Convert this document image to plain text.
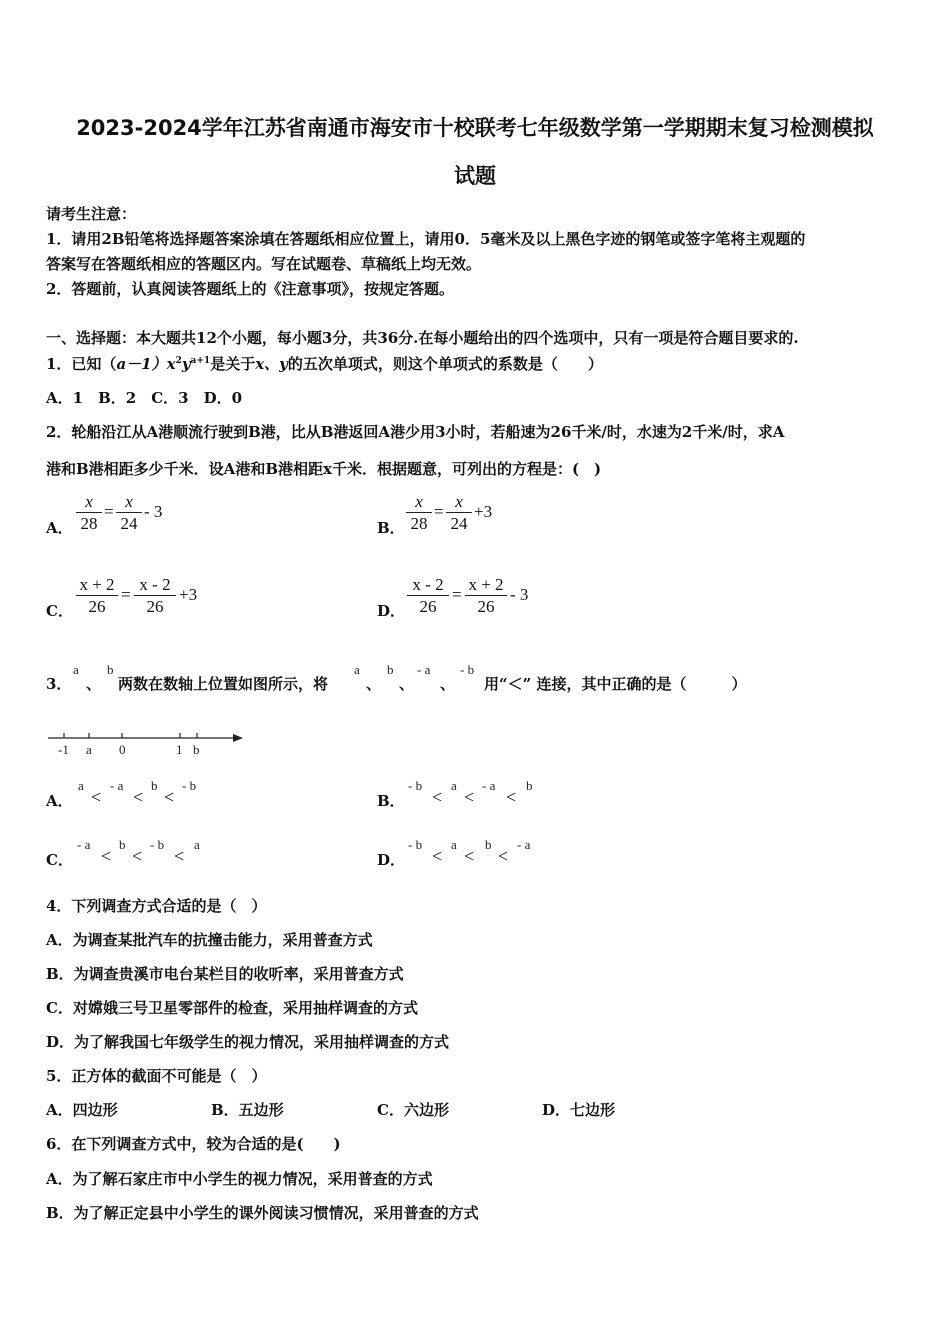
2023-2024学年江苏省南通市海安市十校联考七年级数学第一学期期末复习检测模拟
试题
请考生注意：
1．请用2B铅笔将选择题答案涂填在答题纸相应位置上，请用0．5毫米及以上黑色字迹的钢笔或签字笔将主观题的
答案写在答题纸相应的答题区内。写在试题卷、草稿纸上均无效。
2．答题前，认真阅读答题纸上的《注意事项》，按规定答题。
一、选择题：本大题共12个小题，每小题3分，共36分.在每小题给出的四个选项中，只有一项是符合题目要求的.
1．已知$(a-1)x^2y^{a+1}$是关于x、y的五次单项式，则这个单项式的系数是（　　）
A．1　B．2　C．3　D．0
2．轮船沿江从A港顺流行驶到B港，比从B港返回A港少用3小时，若船速为26千米/时，水速为2千米/时，求A
港和B港相距多少千米．设A港和B港相距x千米．根据题意，可列出的方程是：(　)
A．
x
28
=
x
24
- 3
B．
x
28
=
x
24
+3
C．
x + 2
26
=
x - 2
26
+3
D．
x - 2
26
=
x + 2
26
- 3
3．
a
、
b
两数在数轴上位置如图所示，将
a
、
b
、
- a
、
- b
用“＜” 连接，其中正确的是（　　　）
-1 a 0	1 b
A．
a
<
- a
<
b
<
- b
B．
- b
<
a
<
- a
<
b
C．
- a
<
b
<
- b
<
a
D．
- b
<
a
<
b
<
- a
4．下列调查方式合适的是（　）
A．为调查某批汽车的抗撞击能力，采用普查方式
B．为调查贵溪市电台某栏目的收听率，采用普查方式
C．对嫦娥三号卫星零部件的检查，采用抽样调查的方式
D．为了解我国七年级学生的视力情况，采用抽样调查的方式
5．正方体的截面不可能是（　）
A．四边形	B．五边形	C．六边形	D．七边形
6．在下列调查方式中，较为合适的是(　　)
A．为了解石家庄市中小学生的视力情况，采用普查的方式
B．为了解正定县中小学生的课外阅读习惯情况，采用普查的方式
